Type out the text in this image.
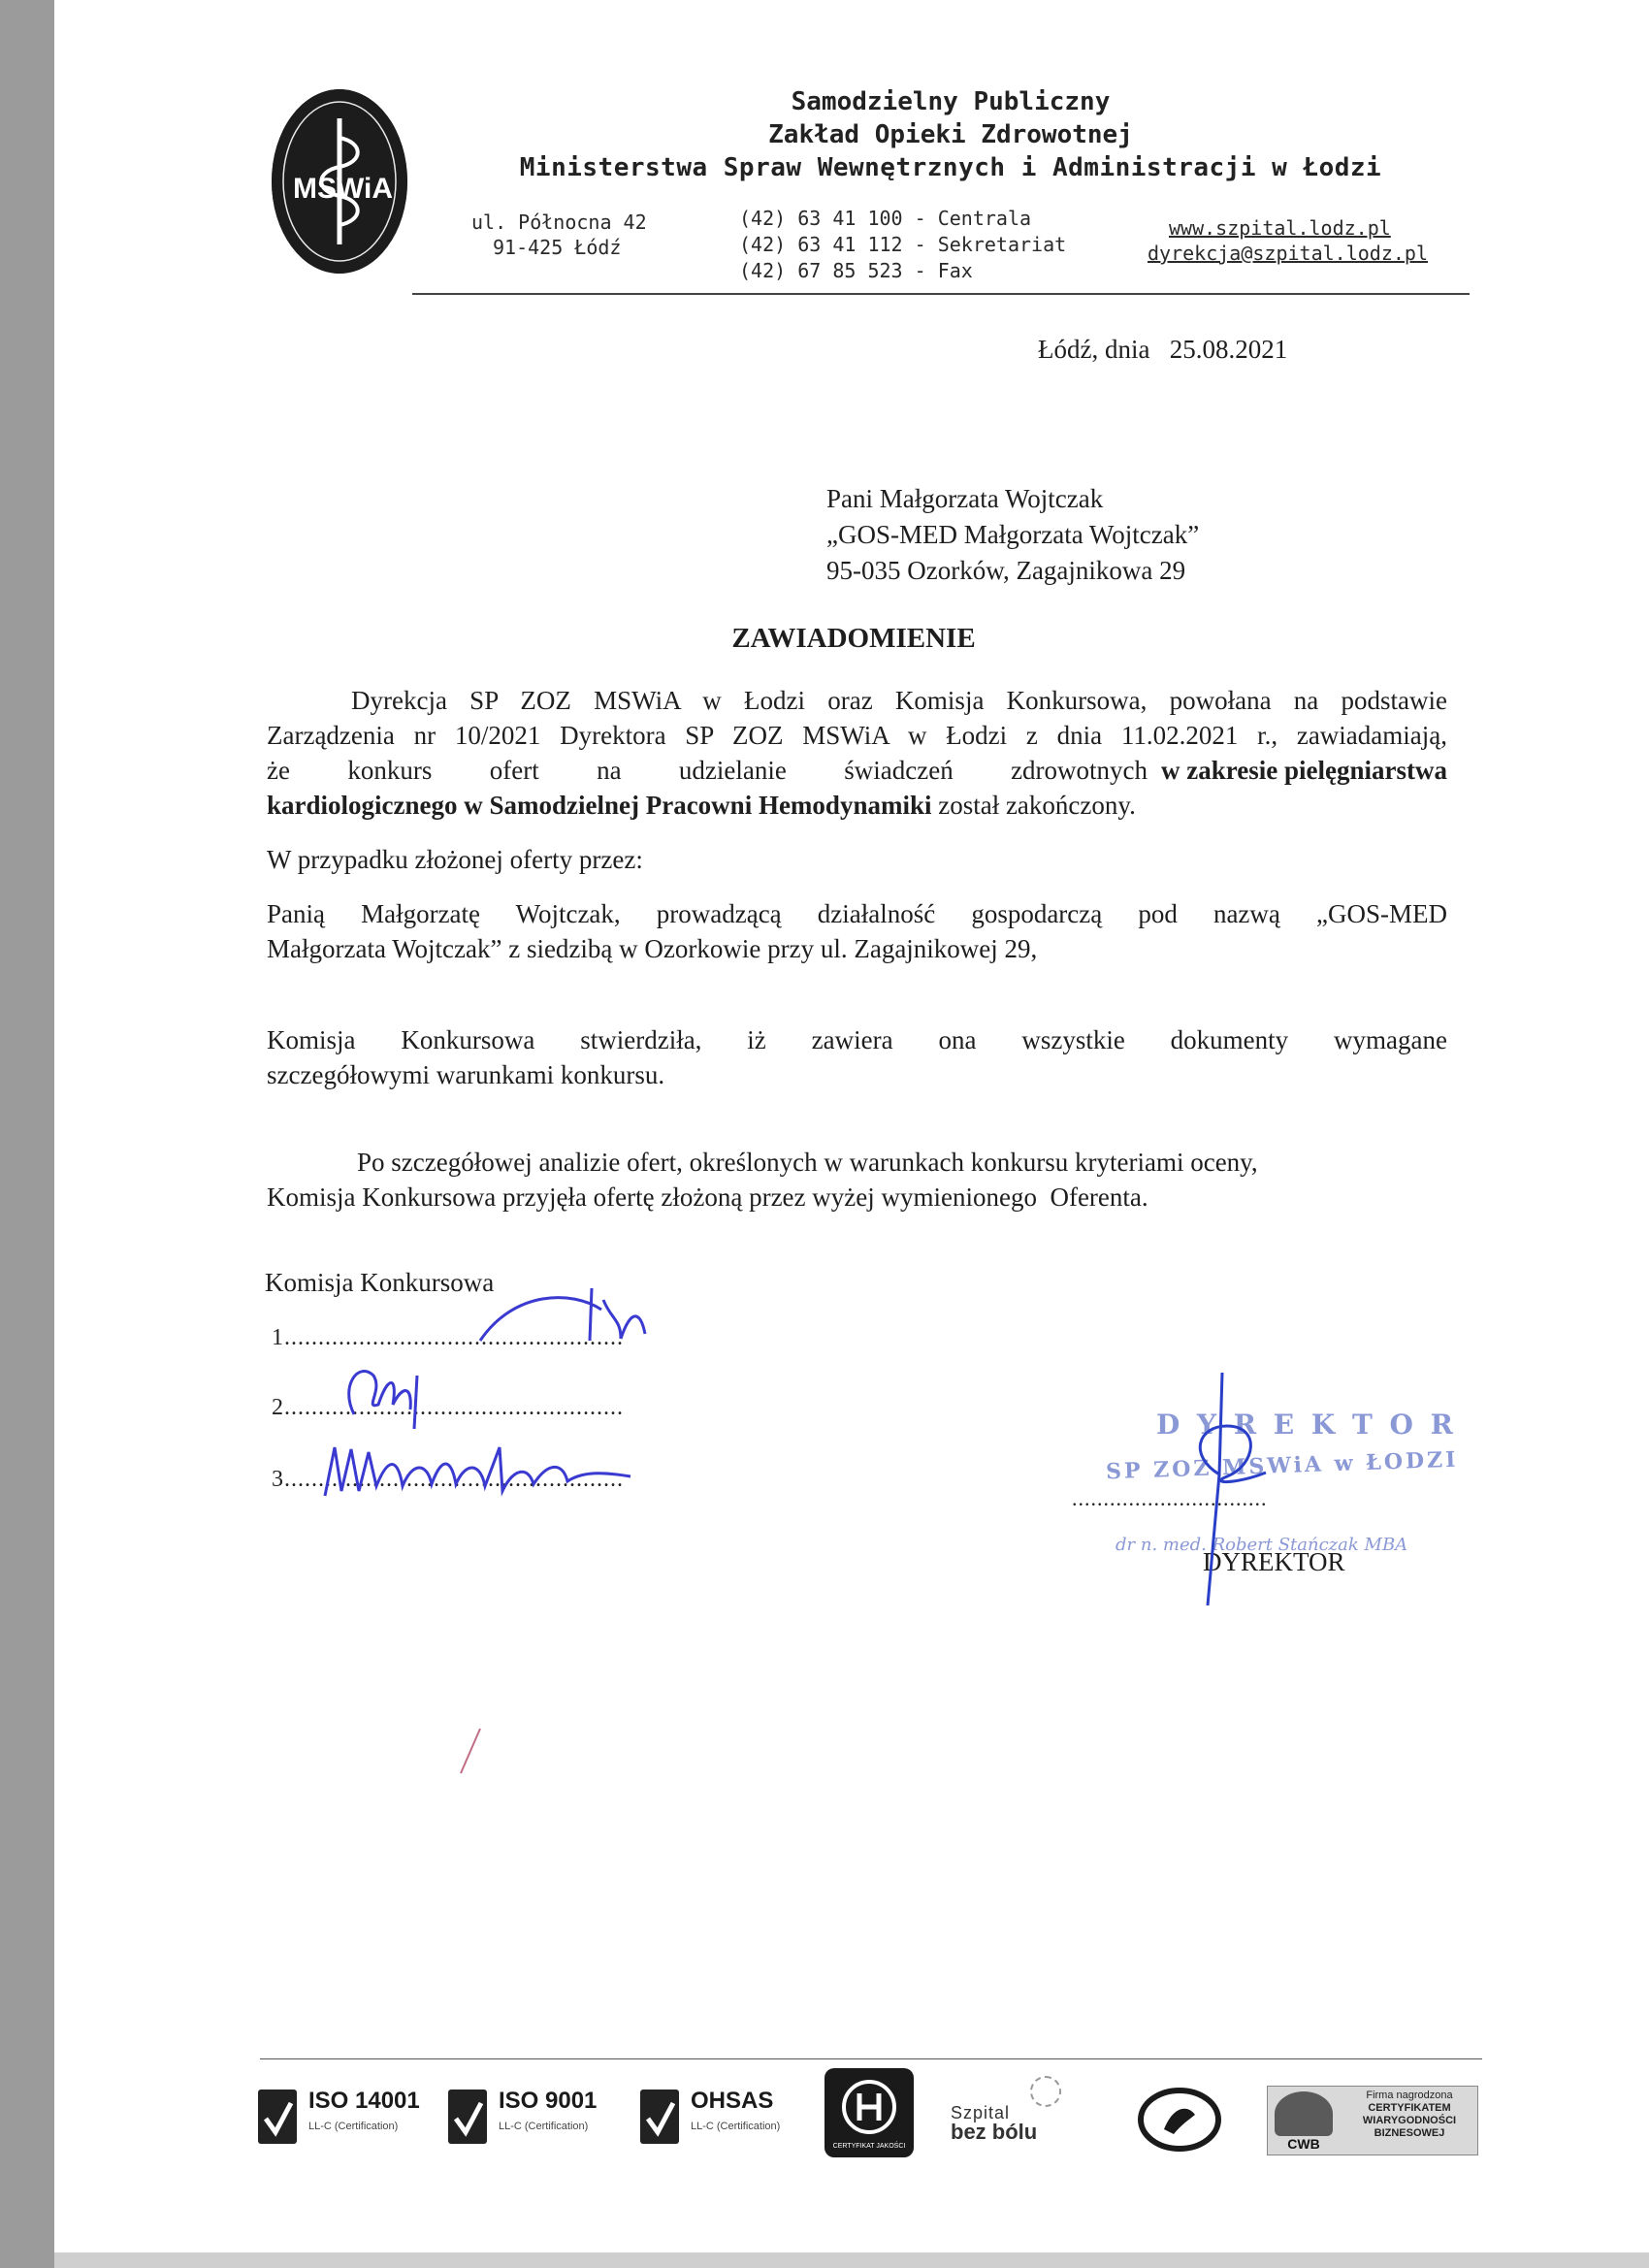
MSWiA
Samodzielny Publiczny
Zakład Opieki Zdrowotnej
Ministerstwa Spraw Wewnętrznych i Administracji w Łodzi
ul. Północna 42
91-425 Łódź
(42) 63 41 100 - Centrala
(42) 63 41 112 - Sekretariat
(42) 67 85 523 - Fax
www.szpital.lodz.pl
dyrekcja@szpital.lodz.pl
Łódź, dnia   25.08.2021
Pani Małgorzata Wojtczak
„GOS-MED Małgorzata Wojtczak”
95-035 Ozorków, Zagajnikowa 29
ZAWIADOMIENIE
Dyrekcja SP ZOZ MSWiA w Łodzi oraz Komisja Konkursowa, powołana na podstawie
Zarządzenia nr 10/2021 Dyrektora SP ZOZ MSWiA w Łodzi z dnia 11.02.2021 r., zawiadamiają,
że konkurs ofert na udzielanie świadczeń zdrowotnych w zakresie pielęgniarstwa
kardiologicznego w Samodzielnej Pracowni Hemodynamiki został zakończony.
W przypadku złożonej oferty przez:
Panią Małgorzatę Wojtczak, prowadzącą działalność gospodarczą pod nazwą „GOS-MED
Małgorzata Wojtczak” z siedzibą w Ozorkowie przy ul. Zagajnikowej 29,
Komisja Konkursowa stwierdziła, iż zawiera ona wszystkie dokumenty wymagane
szczegółowymi warunkami konkursu.
Po szczegółowej analizie ofert, określonych w warunkach konkursu kryteriami oceny,
Komisja Konkursowa przyjęła ofertę złożoną przez wyżej wymienionego  Oferenta.
Komisja Konkursowa
1..................................................
2..................................................
3..................................................
D Y R E K T O R
SP ZOZ MSWiA w ŁODZI
dr n. med. Robert Stańczak MBA
...............................
DYREKTOR
ISO 14001
LL-C (Certification)
ISO 9001
LL-C (Certification)
OHSAS
LL-C (Certification)
CERTYFIKAT JAKOŚCI
Szpital
bez bólu	CWB
Firma nagrodzona
CERTYFIKATEM
WIARYGODNOŚCI
BIZNESOWEJ
